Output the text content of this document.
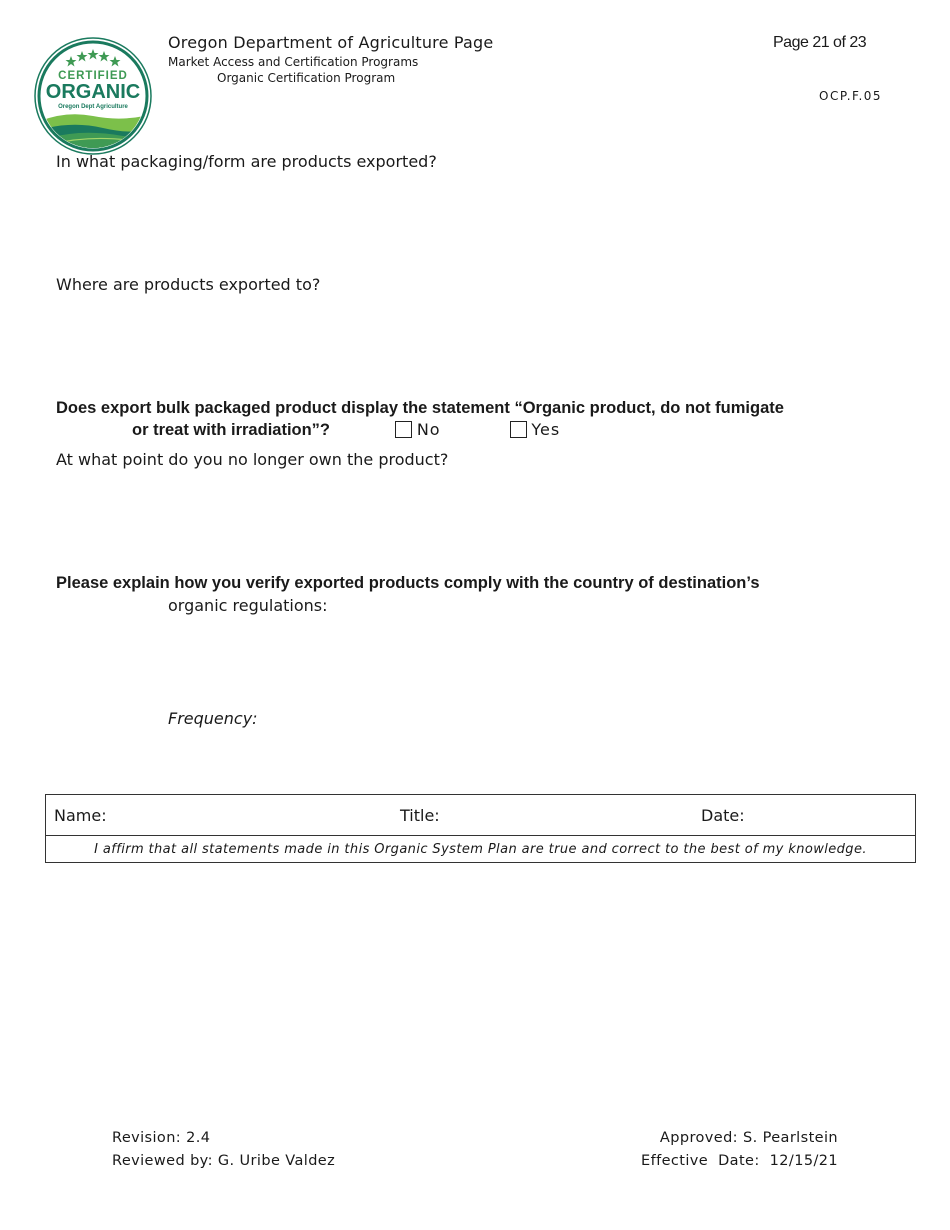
CERTIFIED
ORGANIC
Oregon Dept Agriculture
Oregon Department of Agriculture Page
Market Access and Certification Programs
Organic Certification Program
Page 21 of 23
OCP.F.05
In what packaging/form are products exported?
Where are products exported to?
Does export bulk packaged product display the statement “Organic product, do not fumigate
or treat with irradiation”?	No	Yes
At what point do you no longer own the product?
Please explain how you verify exported products comply with the country of destination’s
organic regulations:
Frequency:
Name:	Title:	Date:
I affirm that all statements made in this Organic System Plan are true and correct to the best of my knowledge.
Revision: 2.4
Reviewed by: G. Uribe Valdez
Approved: S. Pearlstein
Effective  Date:  12/15/21
